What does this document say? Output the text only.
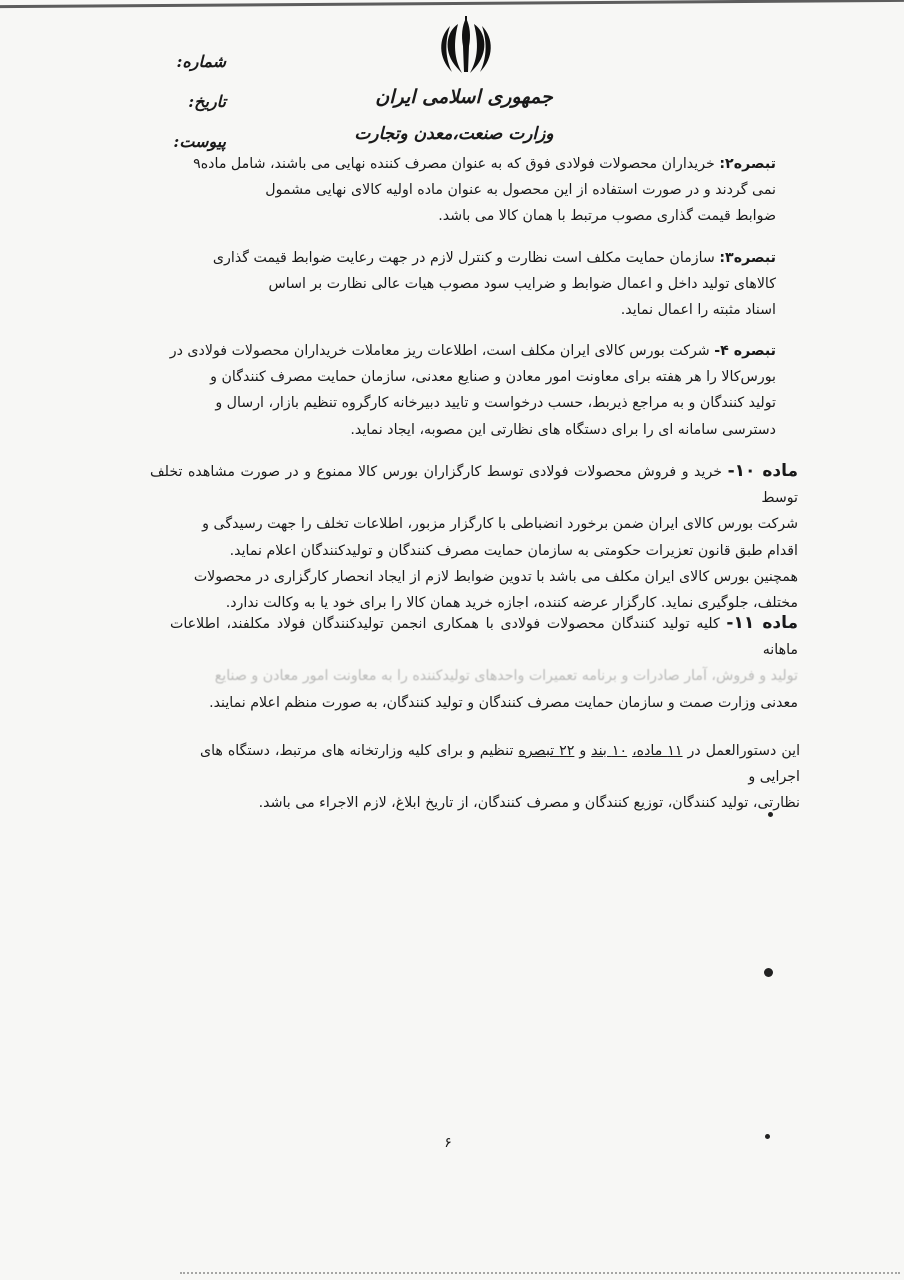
جمهوری اسلامی ایران
وزارت صنعت،معدن وتجارت
شماره:
تاریخ:
پیوست:
تبصره۲: خریداران محصولات فولادی فوق که به عنوان مصرف کننده نهایی می باشند، شامل ماده۹
نمی گردند و در صورت استفاده از این محصول به عنوان ماده اولیه کالای نهایی مشمول
ضوابط قیمت گذاری مصوب مرتبط با همان کالا می باشد.
تبصره۳: سازمان حمایت مکلف است نظارت و کنترل لازم در جهت رعایت ضوابط قیمت گذاری
کالاهای تولید داخل و اعمال ضوابط و ضرایب سود مصوب هیات عالی نظارت بر اساس
اسناد مثبته را اعمال نماید.
تبصره ۴- شرکت بورس کالای ایران مکلف است، اطلاعات ریز معاملات خریداران محصولات فولادی در
بورس‌کالا را هر هفته برای معاونت امور معادن و صنایع معدنی، سازمان حمایت مصرف کنندگان و
تولید کنندگان و به مراجع ذیربط، حسب درخواست و تایید دبیرخانه کارگروه تنظیم بازار، ارسال و
دسترسی سامانه ای را برای دستگاه های نظارتی این مصوبه، ایجاد نماید.
ماده ۱۰- خرید و فروش محصولات فولادی توسط کارگزاران بورس کالا ممنوع و در صورت مشاهده تخلف توسط
شرکت بورس کالای ایران ضمن برخورد انضباطی با کارگزار مزبور، اطلاعات تخلف را جهت رسیدگی و
اقدام طبق قانون تعزیرات حکومتی به سازمان حمایت مصرف کنندگان و تولیدکنندگان اعلام نماید.
همچنین بورس کالای ایران مکلف می باشد با تدوین ضوابط لازم از ایجاد انحصار کارگزاری در محصولات
مختلف، جلوگیری نماید. کارگزار عرضه کننده، اجازه خرید همان کالا را برای خود یا به وکالت ندارد.
ماده ۱۱- کلیه تولید کنندگان محصولات فولادی با همکاری انجمن تولیدکنندگان فولاد مکلفند، اطلاعات ماهانه
تولید و فروش، آمار صادرات و برنامه تعمیرات واحدهای تولیدکننده را به معاونت امور معادن و صنایع
معدنی وزارت صمت و سازمان حمایت مصرف کنندگان و تولید کنندگان، به صورت منظم اعلام نمایند.
این دستورالعمل در ۱۱ ماده، ۱۰ بند و ۲۲ تبصره تنظیم و برای کلیه وزارتخانه های مرتبط، دستگاه های اجرایی و
نظارتی، تولید کنندگان، توزیع کنندگان و مصرف کنندگان، از تاریخ ابلاغ، لازم الاجراء می باشد.
۶
